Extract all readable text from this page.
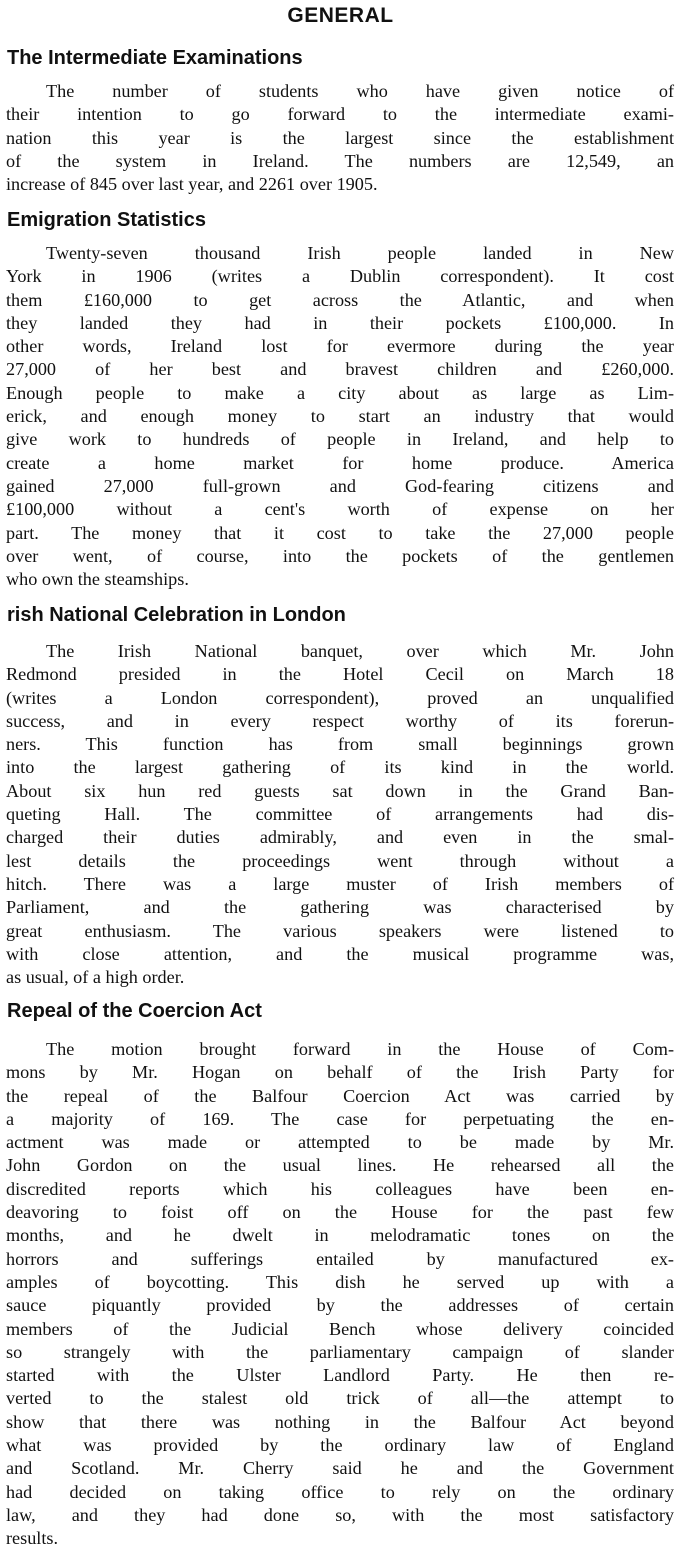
GENERAL
The Intermediate Examinations
The number of students who have given notice of
their intention to go forward to the intermediate exami-
nation this year is the largest since the establishment
of the system in Ireland. The numbers are 12,549, an
increase of 845 over last year, and 2261 over 1905.
Emigration Statistics
Twenty-seven thousand Irish people landed in New
York in 1906 (writes a Dublin correspondent). It cost
them £160,000 to get across the Atlantic, and when
they landed they had in their pockets £100,000. In
other words, Ireland lost for evermore during the year
27,000 of her best and bravest children and £260,000.
Enough people to make a city about as large as Lim-
erick, and enough money to start an industry that would
give work to hundreds of people in Ireland, and help to
create a home market for home produce. America
gained 27,000 full-grown and God-fearing citizens and
£100,000 without a cent's worth of expense on her
part. The money that it cost to take the 27,000 people
over went, of course, into the pockets of the gentlemen
who own the steamships.
rish National Celebration in London
The Irish National banquet, over which Mr. John
Redmond presided in the Hotel Cecil on March 18
(writes a London correspondent), proved an unqualified
success, and in every respect worthy of its forerun-
ners. This function has from small beginnings grown
into the largest gathering of its kind in the world.
About six hun red guests sat down in the Grand Ban-
queting Hall. The committee of arrangements had dis-
charged their duties admirably, and even in the smal-
lest details the proceedings went through without a
hitch. There was a large muster of Irish members of
Parliament, and the gathering was characterised by
great enthusiasm. The various speakers were listened to
with close attention, and the musical programme was,
as usual, of a high order.
Repeal of the Coercion Act
The motion brought forward in the House of Com-
mons by Mr. Hogan on behalf of the Irish Party for
the repeal of the Balfour Coercion Act was carried by
a majority of 169. The case for perpetuating the en-
actment was made or attempted to be made by Mr.
John Gordon on the usual lines. He rehearsed all the
discredited reports which his colleagues have been en-
deavoring to foist off on the House for the past few
months, and he dwelt in melodramatic tones on the
horrors and sufferings entailed by manufactured ex-
amples of boycotting. This dish he served up with a
sauce piquantly provided by the addresses of certain
members of the Judicial Bench whose delivery coincided
so strangely with the parliamentary campaign of slander
started with the Ulster Landlord Party. He then re-
verted to the stalest old trick of all—the attempt to
show that there was nothing in the Balfour Act beyond
what was provided by the ordinary law of England
and Scotland. Mr. Cherry said he and the Government
had decided on taking office to rely on the ordinary
law, and they had done so, with the most satisfactory
results.
